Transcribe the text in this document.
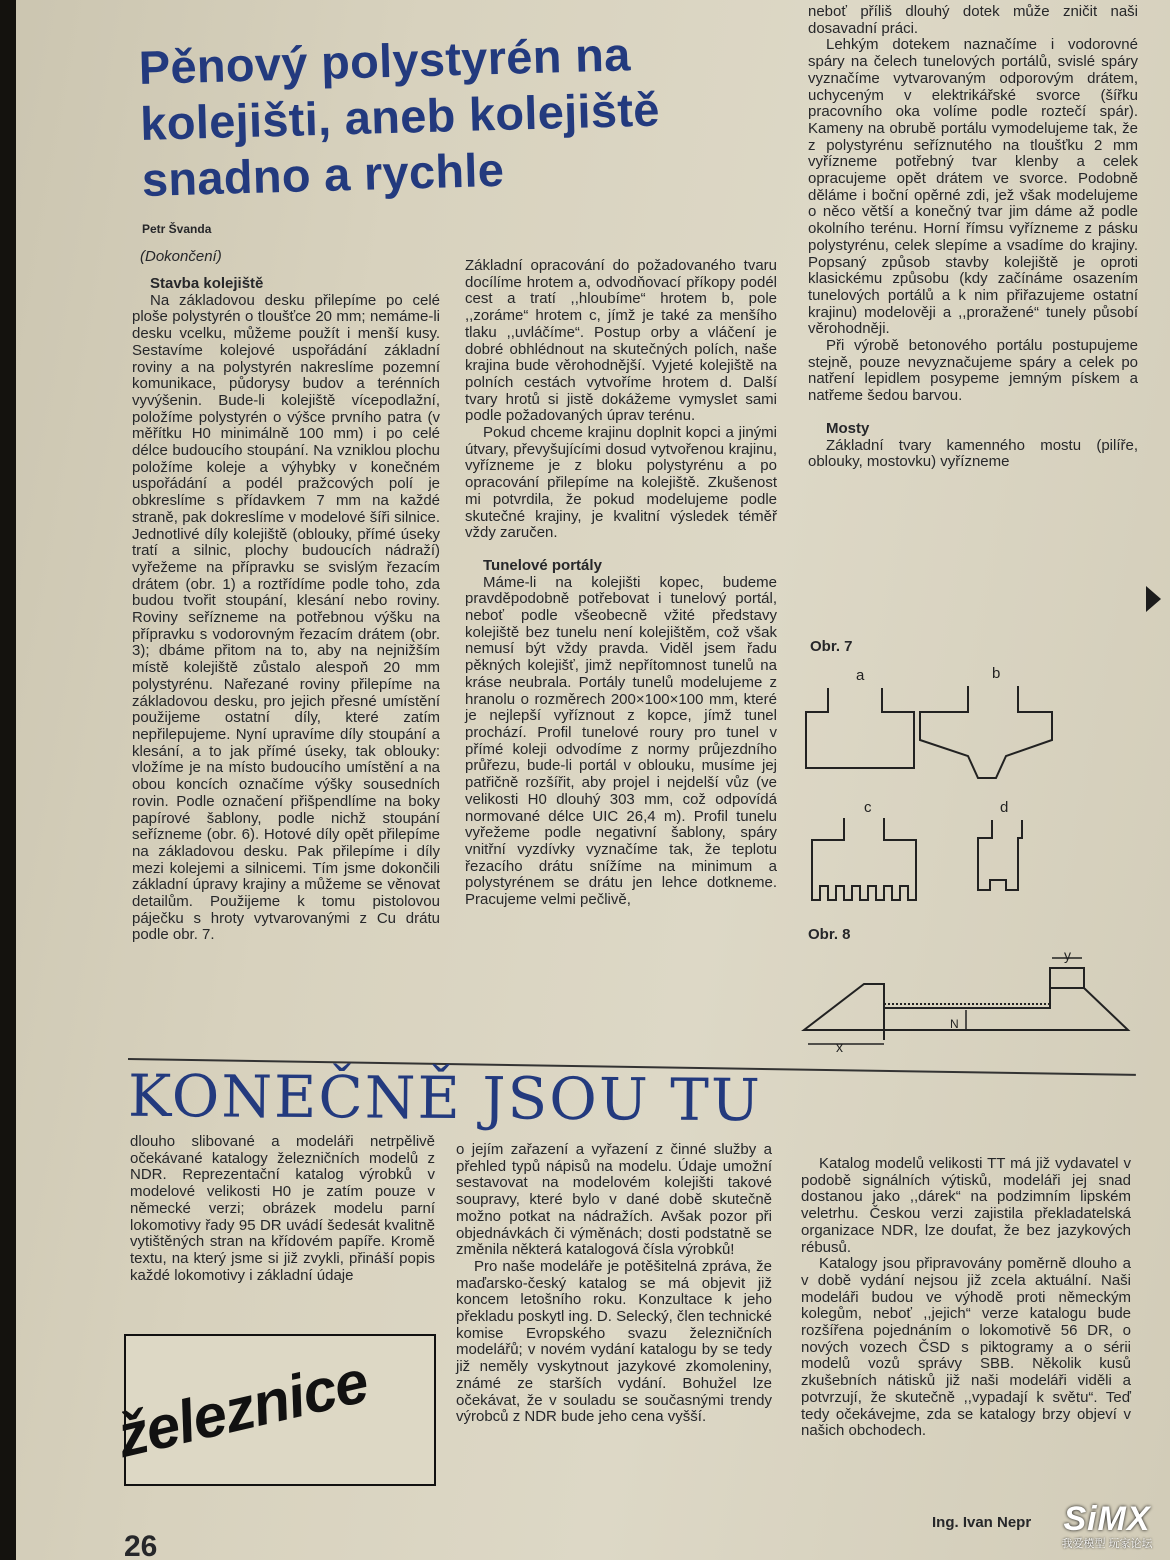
Pěnový polystyrén na kolejišti, aneb kolejiště snadno a rychle
Petr Švanda
(Dokončení)
Stavba kolejiště

Na základovou desku přilepíme po celé ploše polystyrén o tloušťce 20 mm; nemáme-li desku vcelku, můžeme použít i menší kusy. Sestavíme kolejové uspořádání základní roviny a na polystyrén nakreslíme pozemní komunikace, půdorysy budov a terénních vyvýšenin. Bude-li kolejiště vícepodlažní, položíme polystyrén o výšce prvního patra (v měřítku H0 minimálně 100 mm) i po celé délce budoucího stoupání. Na vzniklou plochu položíme koleje a výhybky v konečném uspořádání a podél pražcových polí je obkreslíme s přídavkem 7 mm na každé straně, pak dokreslíme v modelové šíři silnice. Jednotlivé díly kolejiště (oblouky, přímé úseky tratí a silnic, plochy budoucích nádraží) vyřežeme na přípravku se svislým řezacím drátem (obr. 1) a roztřídíme podle toho, zda budou tvořit stoupání, klesání nebo roviny. Roviny seřízneme na potřebnou výšku na přípravku s vodorovným řezacím drátem (obr. 3); dbáme přitom na to, aby na nejnižším místě kolejiště zůstalo alespoň 20 mm polystyrénu. Nařezané roviny přilepíme na základovou desku, pro jejich přesné umístění použijeme ostatní díly, které zatím nepřilepujeme. Nyní upravíme díly stoupání a klesání, a to jak přímé úseky, tak oblouky: vložíme je na místo budoucího umístění a na obou koncích označíme výšky sousedních rovin. Podle označení přišpendlíme na boky papírové šablony, podle nichž stoupání seřízneme (obr. 6). Hotové díly opět přilepíme na základovou desku. Pak přilepíme i díly mezi kolejemi a silnicemi. Tím jsme dokončili základní úpravy krajiny a můžeme se věnovat detailům. Použijeme k tomu pistolovou páječku s hroty vytvarovanými z Cu drátu podle obr. 7.

Základní opracování do požadovaného tvaru docílíme hrotem a, odvodňovací příkopy podél cest a tratí ,,hloubíme“ hrotem b, pole ,,zoráme“ hrotem c, jímž je také za menšího tlaku ,,uvláčíme“. Postup orby a vláčení je dobré obhlédnout na skutečných polích, naše krajina bude věrohodnější. Vyjeté kolejiště na polních cestách vytvoříme hrotem d. Další tvary hrotů si jistě dokážeme vymyslet sami podle požadovaných úprav terénu.

Pokud chceme krajinu doplnit kopci a jinými útvary, převyšujícími dosud vytvořenou krajinu, vyřízneme je z bloku polystyrénu a po opracování přilepíme na kolejiště. Zkušenost mi potvrdila, že pokud modelujeme podle skutečné krajiny, je kvalitní výsledek téměř vždy zaručen.

Tunelové portály

Máme-li na kolejišti kopec, budeme pravděpodobně potřebovat i tunelový portál, neboť podle všeobecně vžité představy kolejiště bez tunelu není kolejištěm, což však nemusí být vždy pravda. Viděl jsem řadu pěkných kolejišť, jimž nepřítomnost tunelů na kráse neubrala. Portály tunelů modelujeme z hranolu o rozměrech 200×100×100 mm, které je nejlepší vyříznout z kopce, jímž tunel prochází. Profil tunelové roury pro tunel v přímé koleji odvodíme z normy průjezdního průřezu, bude-li portál v oblouku, musíme jej patřičně rozšířit, aby projel i nejdelší vůz (ve velikosti H0 dlouhý 303 mm, což odpovídá normované délce UIC 26,4 m). Profil tunelu vyřežeme podle negativní šablony, spáry vnitřní vyzdívky vyznačíme tak, že teplotu řezacího drátu snížíme na minimum a polystyrénem se drátu jen lehce dotkneme. Pracujeme velmi pečlivě,

neboť příliš dlouhý dotek může zničit naši dosavadní práci.

Lehkým dotekem naznačíme i vodorovné spáry na čelech tunelových portálů, svislé spáry vyznačíme vytvarovaným odporovým drátem, uchyceným v elektrikářské svorce (šířku pracovního oka volíme podle roztečí spár). Kameny na obrubě portálu vymodelujeme tak, že z polystyrénu seříznutého na tloušťku 2 mm vyřízneme potřebný tvar klenby a celek opracujeme opět drátem ve svorce. Podobně děláme i boční opěrné zdi, jež však modelujeme o něco větší a konečný tvar jim dáme až podle okolního terénu. Horní římsu vyřízneme z pásku polystyrénu, celek slepíme a vsadíme do krajiny. Popsaný způsob stavby kolejiště je oproti klasickému způsobu (kdy začínáme osazením tunelových portálů a k nim přiřazujeme ostatní krajinu) modelověji a ,,proražené“ tunely působí věrohodněji.

Při výrobě betonového portálu postupujeme stejně, pouze nevyznačujeme spáry a celek po natření lepidlem posypeme jemným pískem a natřeme šedou barvou.

Mosty

Základní tvary kamenného mostu (pilíře, oblouky, mostovku) vyřízneme

Obr. 7
a	b
c	d
Obr. 8
x
y
N
KONEČNĚ JSOU TU

dlouho slibované a modeláři netrpělivě očekávané katalogy železničních modelů z NDR. Reprezentační katalog výrobků v modelové velikosti H0 je zatím pouze v německé verzi; obrázek modelu parní lokomotivy řady 95 DR uvádí šedesát kvalitně vytištěných stran na křídovém papíře. Kromě textu, na který jsme si již zvykli, přináší popis každé lokomotivy i základní údaje

železnice

o jejím zařazení a vyřazení z činné služby a přehled typů nápisů na modelu. Údaje umožní sestavovat na modelovém kolejišti takové soupravy, které bylo v dané době skutečně možno potkat na nádražích. Avšak pozor při objednávkách či výměnách; dosti podstatně se změnila některá katalogová čísla výrobků!

Pro naše modeláře je potěšitelná zpráva, že maďarsko-český katalog se má objevit již koncem letošního roku. Konzultace k jeho překladu poskytl ing. D. Selecký, člen technické komise Evropského svazu železničních modelářů; v novém vydání katalogu by se tedy již neměly vyskytnout jazykové zkomoleniny, známé ze starších vydání. Bohužel lze očekávat, že v souladu se současnými trendy výrobců z NDR bude jeho cena vyšší.

Katalog modelů velikosti TT má již vydavatel v podobě signálních výtisků, modeláři jej snad dostanou jako ,,dárek“ na podzimním lipském veletrhu. Českou verzi zajistila překladatelská organizace NDR, lze doufat, že bez jazykových rébusů.

Katalogy jsou připravovány poměrně dlouho a v době vydání nejsou již zcela aktuální. Naši modeláři budou ve výhodě proti německým kolegům, neboť ,,jejich“ verze katalogu bude rozšířena pojednáním o lokomotivě 56 DR, o nových vozech ČSD s piktogramy a o sérii modelů vozů správy SBB. Několik kusů zkušebních nátisků již naši modeláři viděli a potvrzují, že skutečně ,,vypadají k světu“. Teď tedy očekávejme, zda se katalogy brzy objeví v našich obchodech.

Ing. Ivan Nepr
26
SiMX
我爱模型 玩家论坛
